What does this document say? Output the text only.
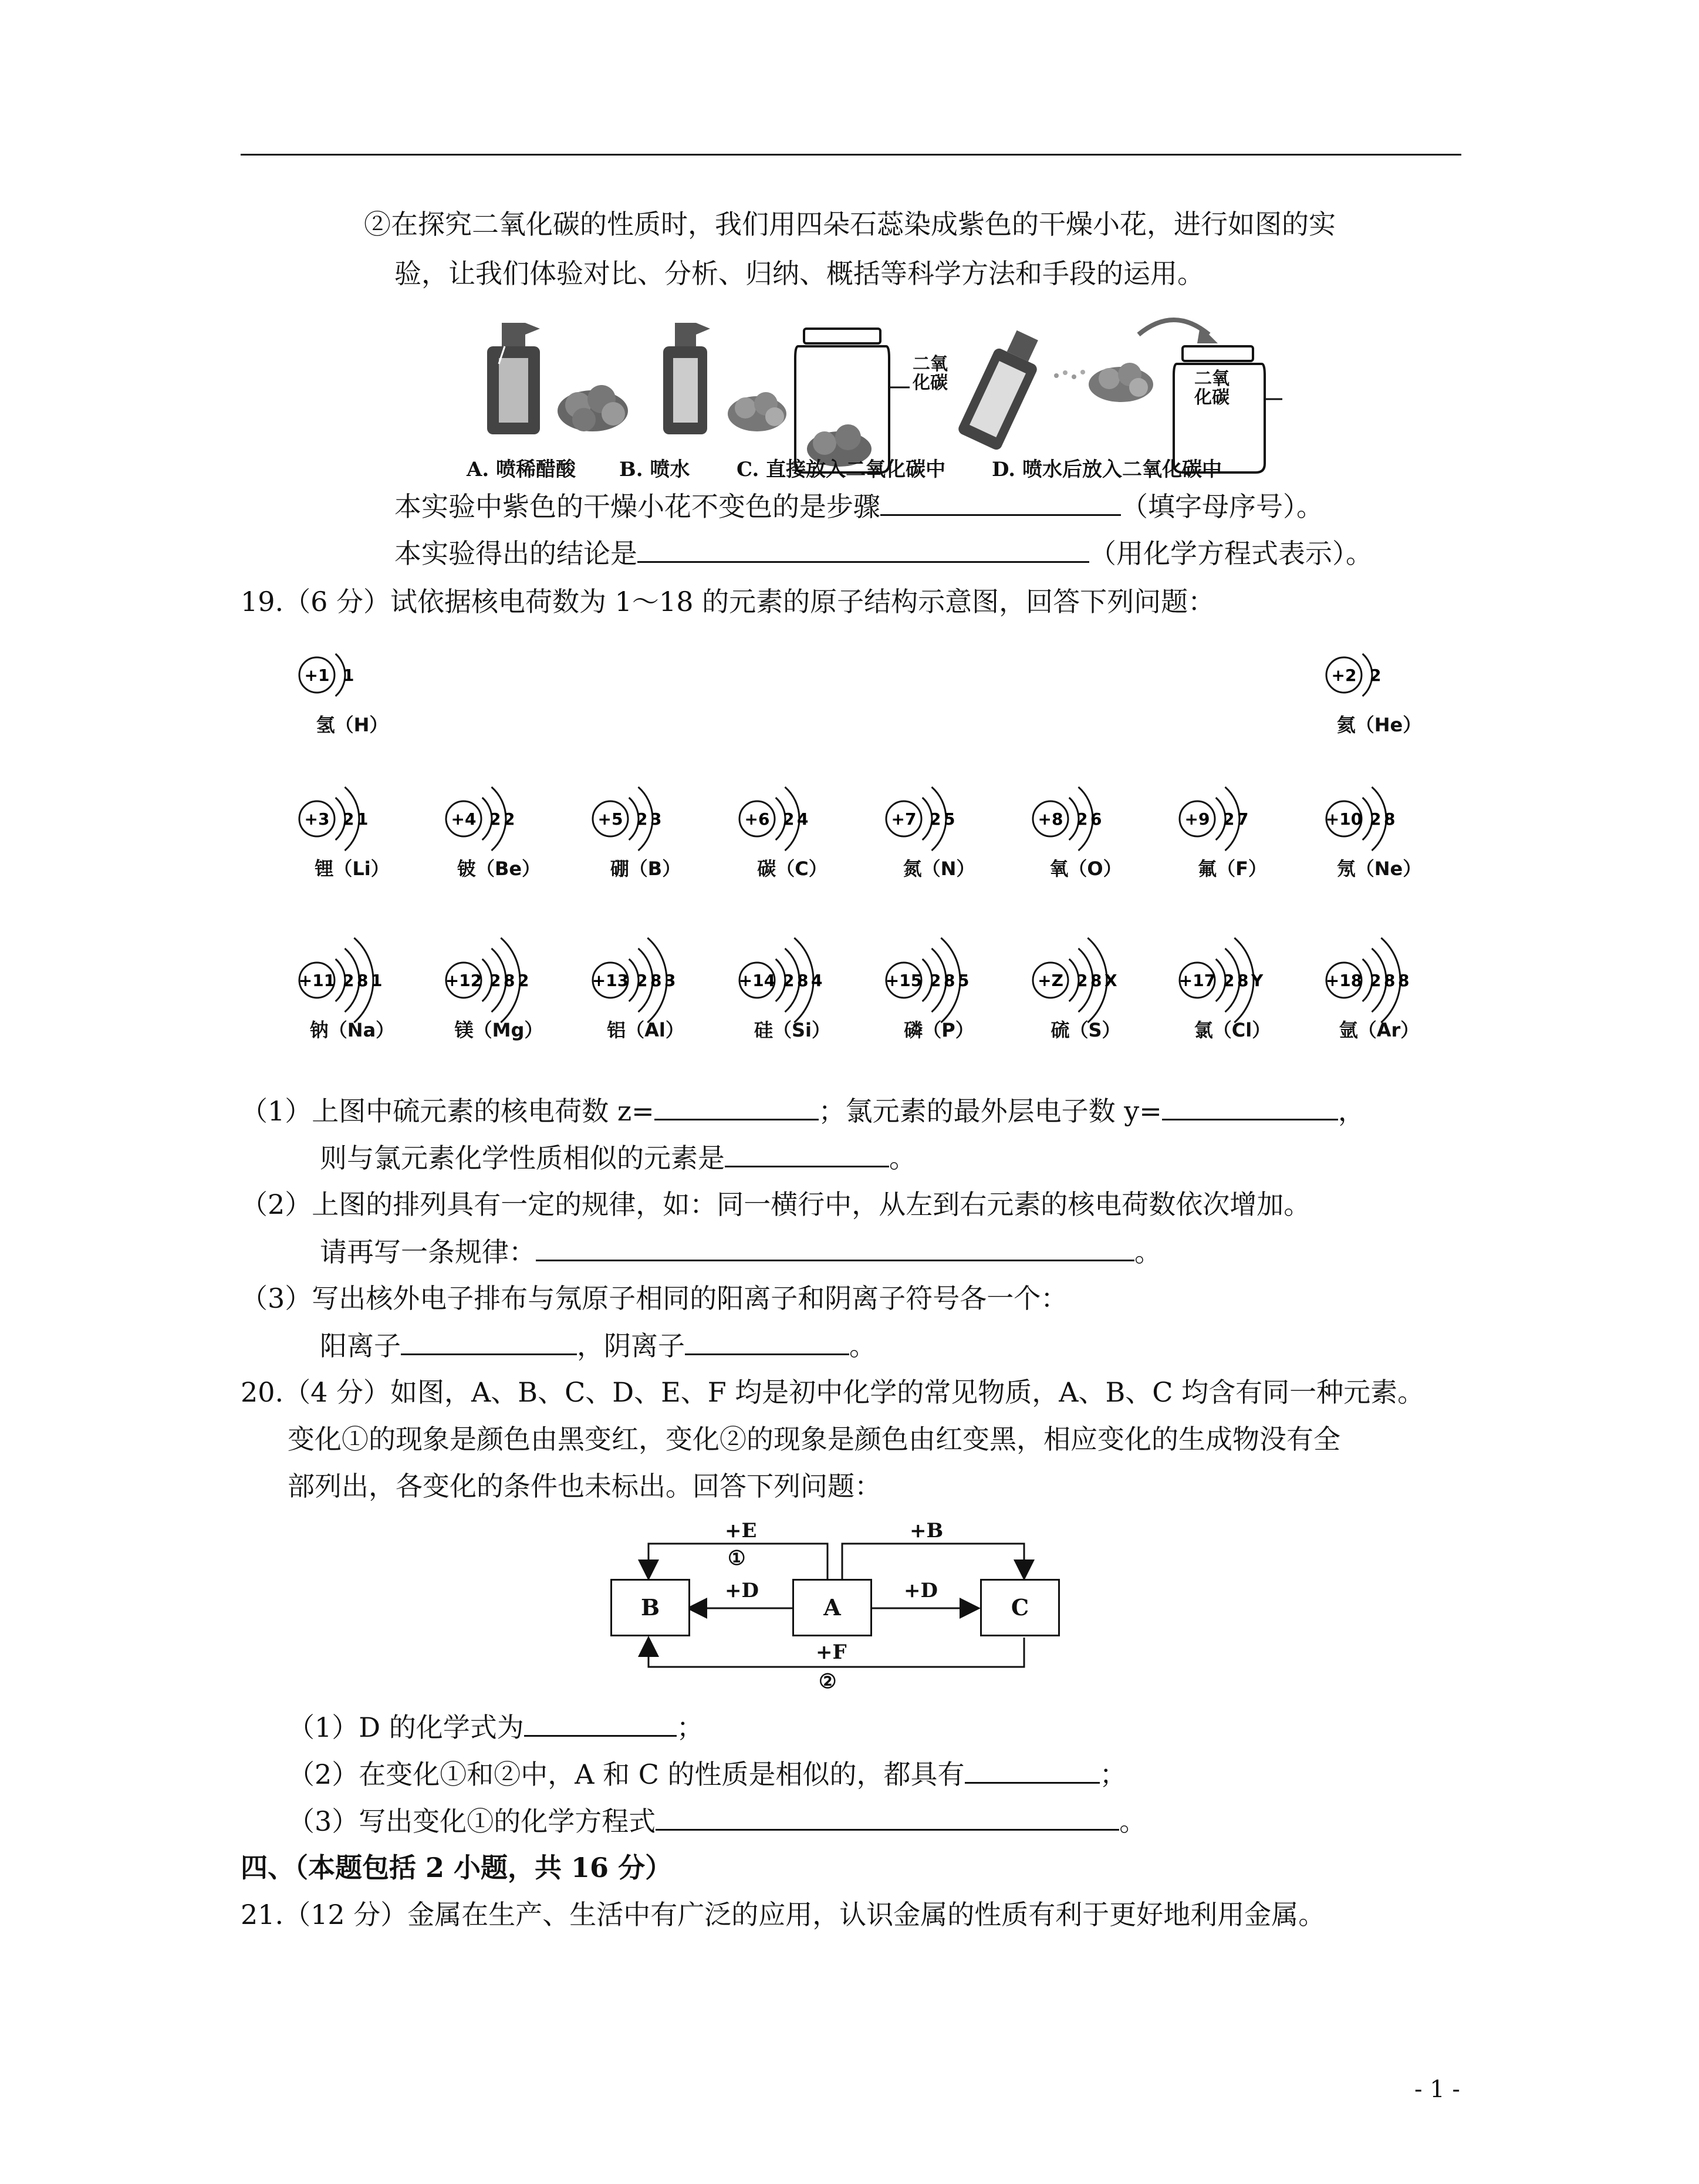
②在探究二氧化碳的性质时，我们用四朵石蕊染成紫色的干燥小花，进行如图的实
验，让我们体验对比、分析、归纳、概括等科学方法和手段的运用。
二氧
化碳	二氧
化碳
A. 喷稀醋酸 B. 喷水 C. 直接放入二氧化碳中 D. 喷水后放入二氧化碳中
本实验中紫色的干燥小花不变色的是步骤	（填字母序号）。
本实验得出的结论是	（用化学方程式表示）。
19.（6 分）试依据核电荷数为 1～18 的元素的原子结构示意图，回答下列问题：
+1 1
氢（H）
+2 2
氦（He）
+3 2 1
锂（Li）
+4 2 2
铍（Be）
+5 2 3
硼（B）
+6 2 4
碳（C）
+7 2 5
氮（N）
+8 2 6
氧（O）
+9 2 7
氟（F）
+10 2 8
氖（Ne）
+11 2 8 1
钠（Na）
+12 2 8 2
镁（Mg）
+13 2 8 3
铝（Al）
+14 2 8 4
硅（Si）
+15 2 8 5
磷（P）
+Z 2 8 X
硫（S）
+17 2 8 Y
氯（Cl）
+18 2 8 8
氩（Ar）
（1）上图中硫元素的核电荷数 z=	；氯元素的最外层电子数 y=	，
则与氯元素化学性质相似的元素是	。
（2）上图的排列具有一定的规律，如：同一横行中，从左到右元素的核电荷数依次增加。
请再写一条规律：	。
（3）写出核外电子排布与氖原子相同的阳离子和阴离子符号各一个：
阳离子	，阴离子	。
20.（4 分）如图，A、B、C、D、E、F 均是初中化学的常见物质，A、B、C 均含有同一种元素。
变化①的现象是颜色由黑变红，变化②的现象是颜色由红变黑，相应变化的生成物没有全
部列出，各变化的条件也未标出。回答下列问题：
B	A	C
+E
①
+B
+D	+D
+F
②
（1）D 的化学式为	；
（2）在变化①和②中，A 和 C 的性质是相似的，都具有	；
（3）写出变化①的化学方程式	。
四、（本题包括 2 小题，共 16 分）
21.（12 分）金属在生产、生活中有广泛的应用，认识金属的性质有利于更好地利用金属。
- 1 -
